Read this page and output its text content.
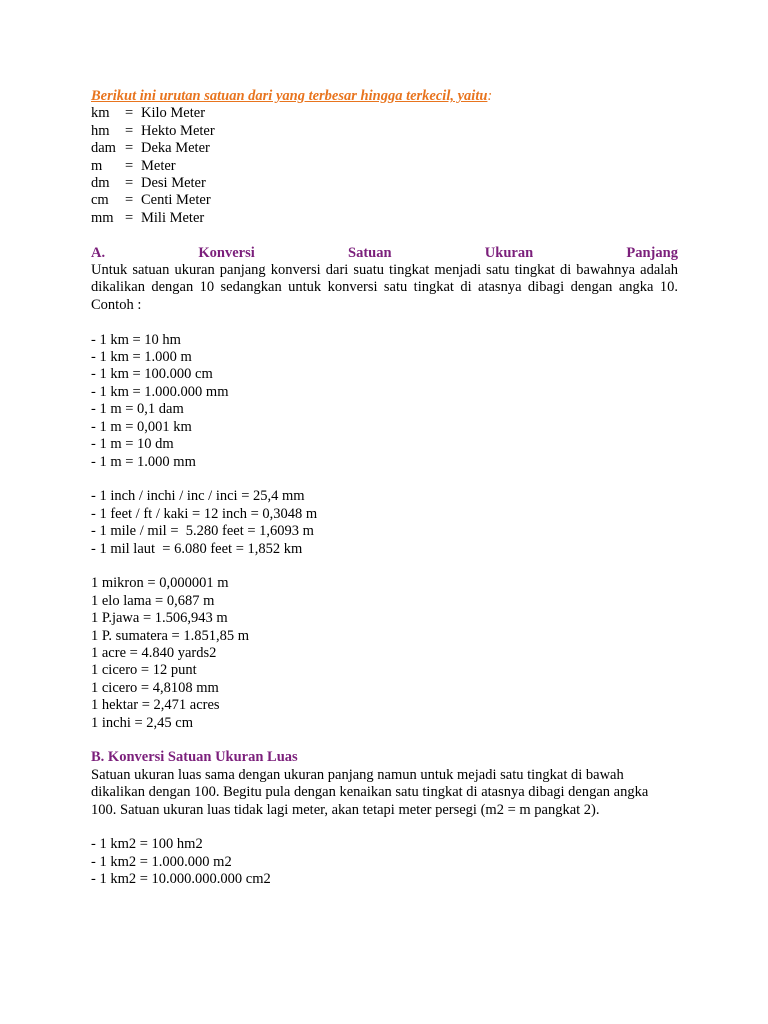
Berikut ini urutan satuan dari yang terbesar hingga terkecil, yaitu:
km	= Kilo Meter
hm	= Hekto Meter
dam = Deka Meter
m	= Meter
dm	= Desi Meter
cm	= Centi Meter
mm = Mili Meter
A.	Konversi	Satuan	Ukuran	Panjang
Untuk satuan ukuran panjang konversi dari suatu tingkat menjadi satu tingkat di bawahnya adalah dikalikan dengan 10 sedangkan untuk konversi satu tingkat di atasnya dibagi dengan angka 10. Contoh :
- 1 km = 10 hm
- 1 km = 1.000 m
- 1 km = 100.000 cm
- 1 km = 1.000.000 mm
- 1 m = 0,1 dam
- 1 m = 0,001 km
- 1 m = 10 dm
- 1 m = 1.000 mm
- 1 inch / inchi / inc / inci = 25,4 mm
- 1 feet / ft / kaki = 12 inch = 0,3048 m
- 1 mile / mil =  5.280 feet = 1,6093 m
- 1 mil laut  = 6.080 feet = 1,852 km
1 mikron = 0,000001 m
1 elo lama = 0,687 m
1 P.jawa = 1.506,943 m
1 P. sumatera = 1.851,85 m
1 acre = 4.840 yards2
1 cicero = 12 punt
1 cicero = 4,8108 mm
1 hektar = 2,471 acres
1 inchi = 2,45 cm
B. Konversi Satuan Ukuran Luas
Satuan ukuran luas sama dengan ukuran panjang namun untuk mejadi satu tingkat di bawah
dikalikan dengan 100. Begitu pula dengan kenaikan satu tingkat di atasnya dibagi dengan angka
100. Satuan ukuran luas tidak lagi meter, akan tetapi meter persegi (m2 = m pangkat 2).
- 1 km2 = 100 hm2
- 1 km2 = 1.000.000 m2
- 1 km2 = 10.000.000.000 cm2
